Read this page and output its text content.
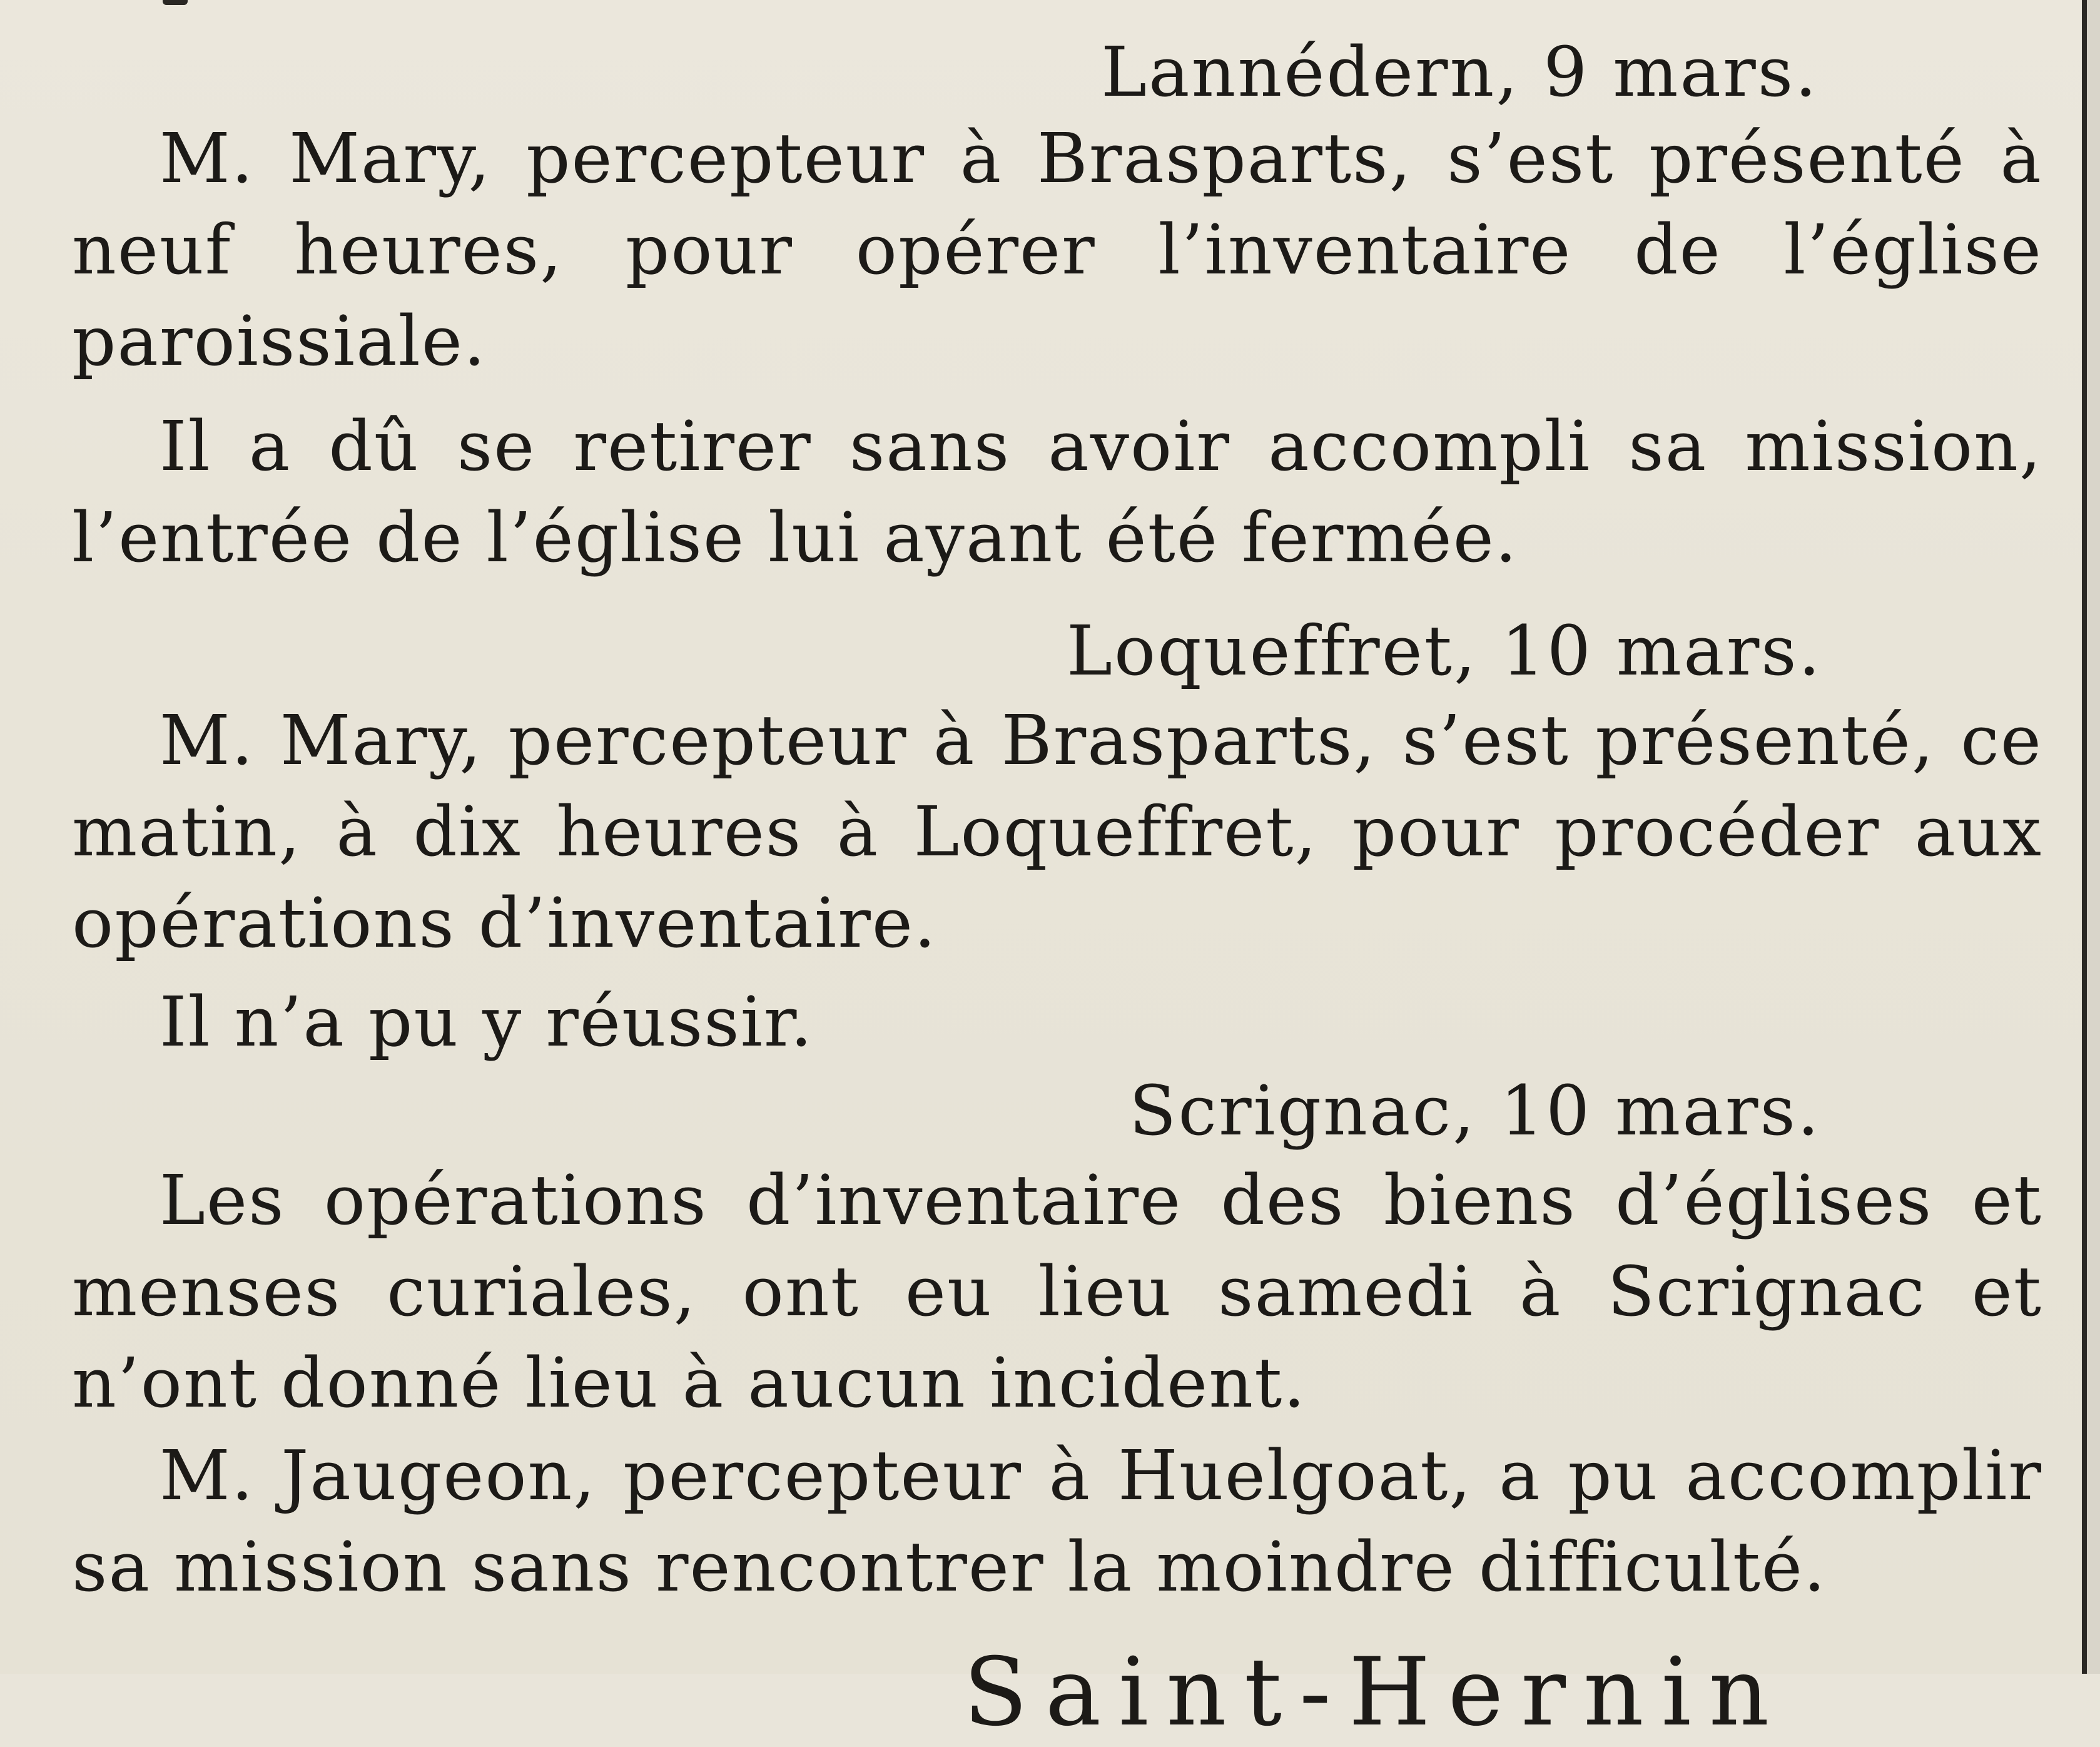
Lannédern, 9 mars.

M. Mary, percepteur à Brasparts, s’est présenté à neuf heures, pour opérer l’inventaire de l’église paroissiale.

Il a dû se retirer sans avoir accompli sa mission, l’entrée de l’église lui ayant été fermée.

Loqueffret, 10 mars.

M. Mary, percepteur à Brasparts, s’est présenté, ce matin, à dix heures à Loqueffret, pour procéder aux opérations d’inventaire.

Il n’a pu y réussir.

Scrignac, 10 mars.

Les opérations d’inventaire des biens d’églises et menses curiales, ont eu lieu samedi à Scrignac et n’ont donné lieu à aucun incident.

M. Jaugeon, percepteur à Huelgoat, a pu accomplir sa mission sans rencontrer la moindre difficulté.

Saint-Hernin
